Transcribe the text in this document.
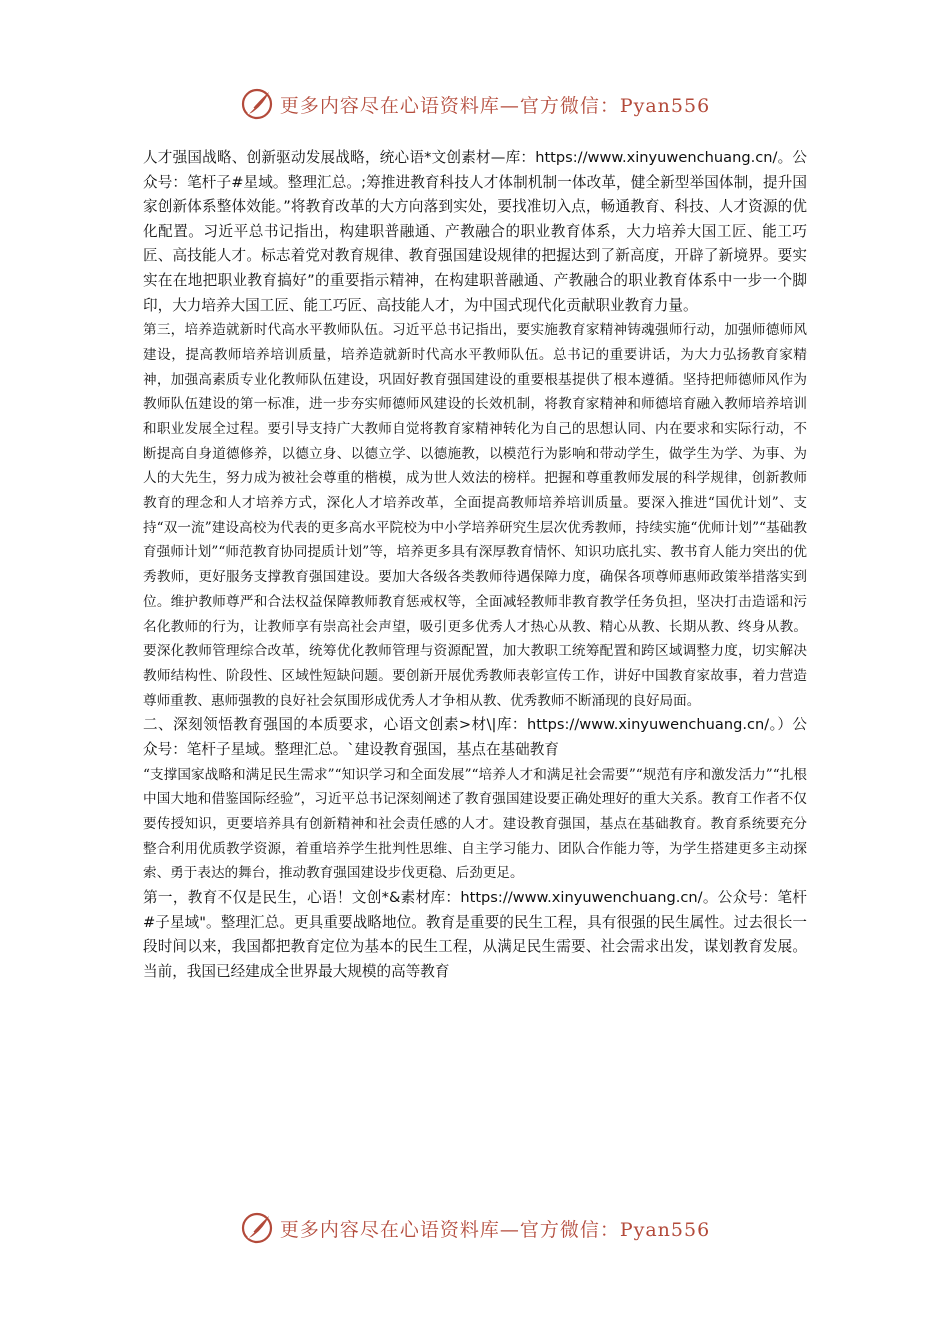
更多内容尽在心语资料库—官方微信：Pyan556

人才强国战略、创新驱动发展战略，统心语*文创素材—库：https://www.xinyuwenchuang.cn/。公众号：笔杆子#星域。整理汇总。;筹推进教育科技人才体制机制一体改革，健全新型举国体制，提升国家创新体系整体效能。”将教育改革的大方向落到实处，要找准切入点，畅通教育、科技、人才资源的优化配置。习近平总书记指出，构建职普融通、产教融合的职业教育体系，大力培养大国工匠、能工巧匠、高技能人才。标志着党对教育规律、教育强国建设规律的把握达到了新高度，开辟了新境界。要实实在在地把职业教育搞好”的重要指示精神，在构建职普融通、产教融合的职业教育体系中一步一个脚印，大力培养大国工匠、能工巧匠、高技能人才，为中国式现代化贡献职业教育力量。

第三，培养造就新时代高水平教师队伍。习近平总书记指出，要实施教育家精神铸魂强师行动，加强师德师风建设，提高教师培养培训质量，培养造就新时代高水平教师队伍。总书记的重要讲话，为大力弘扬教育家精神，加强高素质专业化教师队伍建设，巩固好教育强国建设的重要根基提供了根本遵循。坚持把师德师风作为教师队伍建设的第一标准，进一步夯实师德师风建设的长效机制，将教育家精神和师德培育融入教师培养培训和职业发展全过程。要引导支持广大教师自觉将教育家精神转化为自己的思想认同、内在要求和实际行动，不断提高自身道德修养，以德立身、以德立学、以德施教，以模范行为影响和带动学生，做学生为学、为事、为人的大先生，努力成为被社会尊重的楷模，成为世人效法的榜样。把握和尊重教师发展的科学规律，创新教师教育的理念和人才培养方式，深化人才培养改革，全面提高教师培养培训质量。要深入推进“国优计划”、支持“双一流”建设高校为代表的更多高水平院校为中小学培养研究生层次优秀教师，持续实施“优师计划”“基础教育强师计划”“师范教育协同提质计划”等，培养更多具有深厚教育情怀、知识功底扎实、教书育人能力突出的优秀教师，更好服务支撑教育强国建设。要加大各级各类教师待遇保障力度，确保各项尊师惠师政策举措落实到位。维护教师尊严和合法权益保障教师教育惩戒权等，全面减轻教师非教育教学任务负担，坚决打击造谣和污名化教师的行为，让教师享有崇高社会声望，吸引更多优秀人才热心从教、精心从教、长期从教、终身从教。要深化教师管理综合改革，统筹优化教师管理与资源配置，加大教职工统筹配置和跨区域调整力度，切实解决教师结构性、阶段性、区域性短缺问题。要创新开展优秀教师表彰宣传工作，讲好中国教育家故事，着力营造尊师重教、惠师强教的良好社会氛围形成优秀人才争相从教、优秀教师不断涌现的良好局面。

二、深刻领悟教育强国的本质要求，心语文创素>材\|库：https://www.xinyuwenchuang.cn/。）公众号：笔杆子星域。整理汇总。`建设教育强国，基点在基础教育

“支撑国家战略和满足民生需求”“知识学习和全面发展”“培养人才和满足社会需要”“规范有序和激发活力”“扎根中国大地和借鉴国际经验”，习近平总书记深刻阐述了教育强国建设要正确处理好的重大关系。教育工作者不仅要传授知识，更要培养具有创新精神和社会责任感的人才。建设教育强国，基点在基础教育。教育系统要充分整合利用优质教学资源，着重培养学生批判性思维、自主学习能力、团队合作能力等，为学生搭建更多主动探索、勇于表达的舞台，推动教育强国建设步伐更稳、后劲更足。

第一，教育不仅是民生，心语！文创*&素材库：https://www.xinyuwenchuang.cn/。公众号：笔杆#子星域"。整理汇总。更具重要战略地位。教育是重要的民生工程，具有很强的民生属性。过去很长一段时间以来，我国都把教育定位为基本的民生工程，从满足民生需要、社会需求出发，谋划教育发展。当前，我国已经建成全世界最大规模的高等教育

更多内容尽在心语资料库—官方微信：Pyan556
